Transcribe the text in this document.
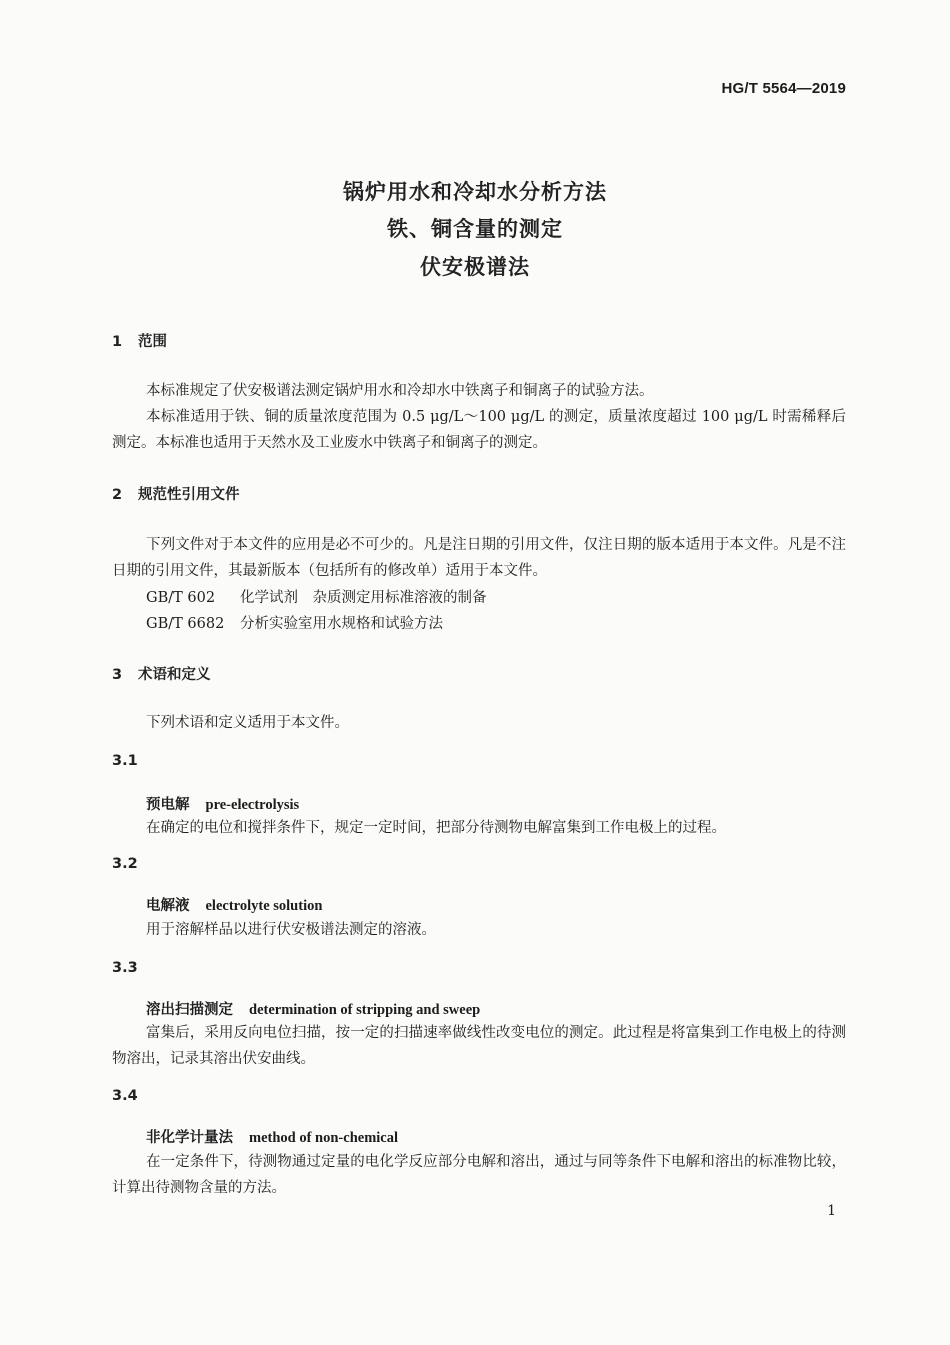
HG/T 5564—2019
锅炉用水和冷却水分析方法
铁、铜含量的测定
伏安极谱法
1 范围
本标准规定了伏安极谱法测定锅炉用水和冷却水中铁离子和铜离子的试验方法。
本标准适用于铁、铜的质量浓度范围为 0.5 μg/L～100 μg/L 的测定，质量浓度超过 100 μg/L 时需稀释后测定。本标准也适用于天然水及工业废水中铁离子和铜离子的测定。
2 规范性引用文件
下列文件对于本文件的应用是必不可少的。凡是注日期的引用文件，仅注日期的版本适用于本文件。凡是不注日期的引用文件，其最新版本（包括所有的修改单）适用于本文件。
GB/T 602 化学试剂　杂质测定用标准溶液的制备
GB/T 6682 分析实验室用水规格和试验方法
3 术语和定义
下列术语和定义适用于本文件。
3.1
预电解 pre-electrolysis
在确定的电位和搅拌条件下，规定一定时间，把部分待测物电解富集到工作电极上的过程。
3.2
电解液 electrolyte solution
用于溶解样品以进行伏安极谱法测定的溶液。
3.3
溶出扫描测定 determination of stripping and sweep
富集后，采用反向电位扫描，按一定的扫描速率做线性改变电位的测定。此过程是将富集到工作电极上的待测物溶出，记录其溶出伏安曲线。
3.4
非化学计量法 method of non-chemical
在一定条件下，待测物通过定量的电化学反应部分电解和溶出，通过与同等条件下电解和溶出的标准物比较，计算出待测物含量的方法。
1
